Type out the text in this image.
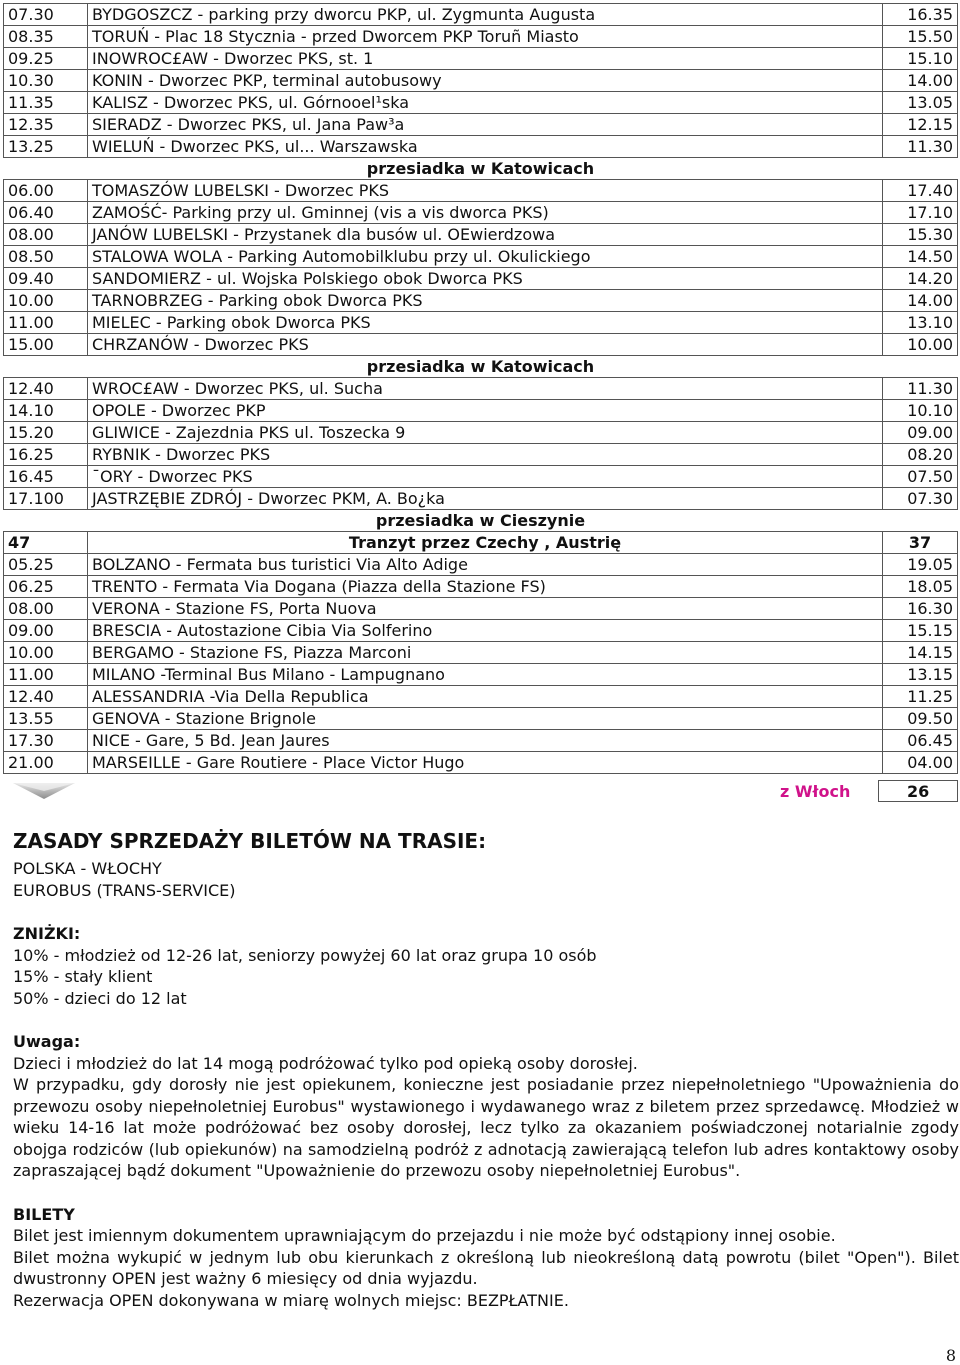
07.30	BYDGOSZCZ - parking przy dworcu PKP, ul. Zygmunta Augusta	16.35
08.35	TORUŃ - Plac 18 Stycznia - przed Dworcem PKP Toruñ Miasto	15.50
09.25	INOWROC£AW - Dworzec PKS, st. 1	15.10
10.30	KONIN - Dworzec PKP, terminal autobusowy	14.00
11.35	KALISZ - Dworzec PKS, ul. Górnooel¹ska	13.05
12.35	SIERADZ - Dworzec PKS, ul. Jana Paw³a	12.15
13.25	WIELUŃ - Dworzec PKS, ul... Warszawska	11.30
przesiadka w Katowicach		
06.00	TOMASZÓW LUBELSKI - Dworzec PKS	17.40
06.40	ZAMOŚĆ- Parking przy ul. Gminnej (vis a vis dworca PKS)	17.10
08.00	JANÓW LUBELSKI - Przystanek dla busów ul. OEwierdzowa	15.30
08.50	STALOWA WOLA - Parking Automobilklubu przy ul. Okulickiego	14.50
09.40	SANDOMIERZ - ul. Wojska Polskiego obok Dworca PKS	14.20
10.00	TARNOBRZEG - Parking obok Dworca PKS	14.00
11.00	MIELEC - Parking obok Dworca PKS	13.10
15.00	CHRZANÓW - Dworzec PKS	10.00
przesiadka w Katowicach		
12.40	WROC£AW - Dworzec PKS, ul. Sucha	11.30
14.10	OPOLE - Dworzec PKP	10.10
15.20	GLIWICE - Zajezdnia PKS ul. Toszecka 9	09.00
16.25	RYBNIK - Dworzec PKS	08.20
16.45	¯ORY - Dworzec PKS	07.50
17.100	JASTRZĘBIE ZDRÓJ - Dworzec PKM, A. Bo¿ka	07.30
przesiadka w Cieszynie		
47	Tranzyt przez Czechy , Austrię	37
05.25	BOLZANO - Fermata bus turistici Via Alto Adige	19.05
06.25	TRENTO - Fermata Via Dogana (Piazza della Stazione FS)	18.05
08.00	VERONA - Stazione FS, Porta Nuova	16.30
09.00	BRESCIA - Autostazione Cibia Via Solferino	15.15
10.00	BERGAMO - Stazione FS, Piazza Marconi	14.15
11.00	MILANO -Terminal Bus Milano - Lampugnano	13.15
12.40	ALESSANDRIA -Via Della Republica	11.25
13.55	GENOVA - Stazione Brignole	09.50
17.30	NICE - Gare, 5 Bd. Jean Jaures	06.45
21.00	MARSEILLE - Gare Routiere - Place Victor Hugo	04.00
z Włoch	26
ZASADY SPRZEDAŻY BILETÓW NA TRASIE:
POLSKA - WŁOCHY
EUROBUS (TRANS-SERVICE)
ZNIŻKI:
10% - młodzież od 12-26 lat, seniorzy powyżej 60 lat oraz grupa 10 osób
15% - stały klient
50% - dzieci do 12 lat
Uwaga:
Dzieci i młodzież do lat 14 mogą podróżować tylko pod opieką osoby dorosłej.
W przypadku, gdy dorosły nie jest opiekunem, konieczne jest posiadanie przez niepełnoletniego "Upoważnienia do przewozu osoby niepełnoletniej Eurobus" wystawionego i wydawanego wraz z biletem przez sprzedawcę. Młodzież w wieku 14-16 lat może podróżować bez osoby dorosłej, lecz tylko za okazaniem poświadczonej notarialnie zgody obojga rodziców (lub opiekunów) na samodzielną podróż z adnotacją zawierającą telefon lub adres kontaktowy osoby zapraszającej bądź dokument "Upoważnienie do przewozu osoby niepełnoletniej Eurobus".
BILETY
Bilet jest imiennym dokumentem uprawniającym do przejazdu i nie może być odstąpiony innej osobie.
Bilet można wykupić w jednym lub obu kierunkach z określoną lub nieokreśloną datą powrotu (bilet "Open"). Bilet dwustronny OPEN jest ważny 6 miesięcy od dnia wyjazdu.
Rezerwacja OPEN dokonywana w miarę wolnych miejsc: BEZPŁATNIE.
8
